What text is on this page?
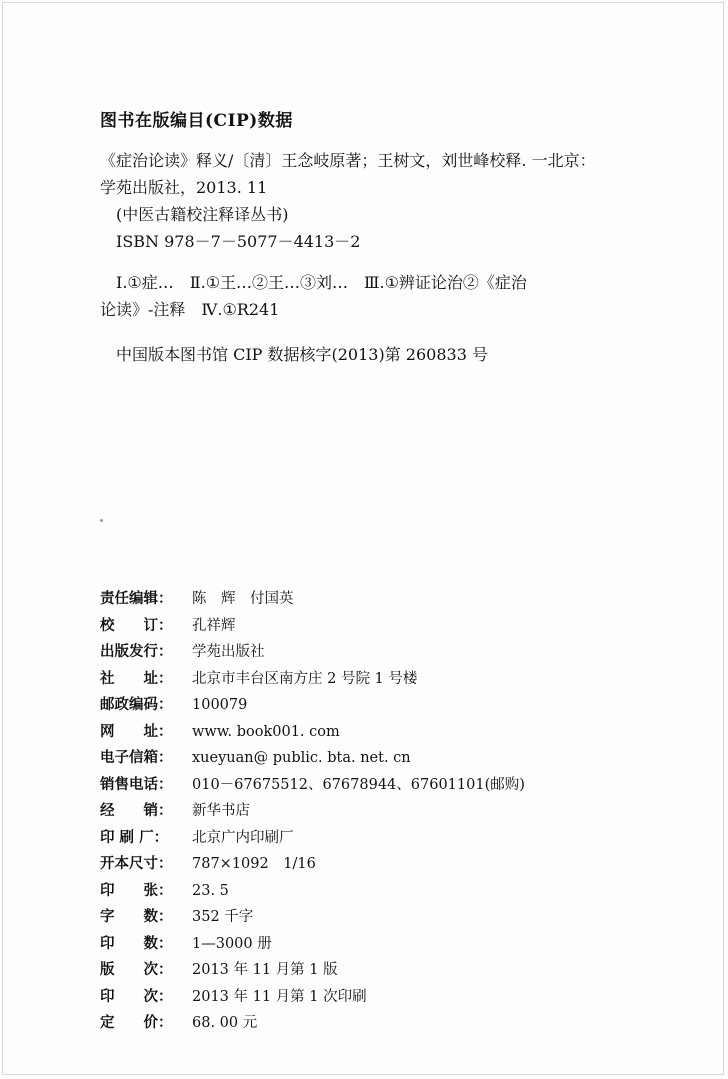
图书在版编目(CIP)数据
《症治论读》释义/〔清〕王念岐原著；王树文，刘世峰校释. 一北京：
学苑出版社，2013. 11
(中医古籍校注释译丛书)
ISBN 978－7－5077－4413－2
Ⅰ.①症…　Ⅱ.①王…②王…③刘…　Ⅲ.①辨证论治②《症治
论读》-注释　Ⅳ.①R241
中国版本图书馆 CIP 数据核字(2013)第 260833 号
责任编辑：	陈　辉　付国英
校　　订：	孔祥辉
出版发行：	学苑出版社
社　　址：	北京市丰台区南方庄 2 号院 1 号楼
邮政编码：	100079
网　　址：	www. book001. com
电子信箱：	xueyuan@ public. bta. net. cn
销售电话：	010－67675512、67678944、67601101(邮购)
经　　销：	新华书店
印 刷 厂：	北京广内印刷厂
开本尺寸：	787×1092　1/16
印　　张：	23. 5
字　　数：	352 千字
印　　数：	1—3000 册
版　　次：	2013 年 11 月第 1 版
印　　次：	2013 年 11 月第 1 次印刷
定　　价：	68. 00 元
